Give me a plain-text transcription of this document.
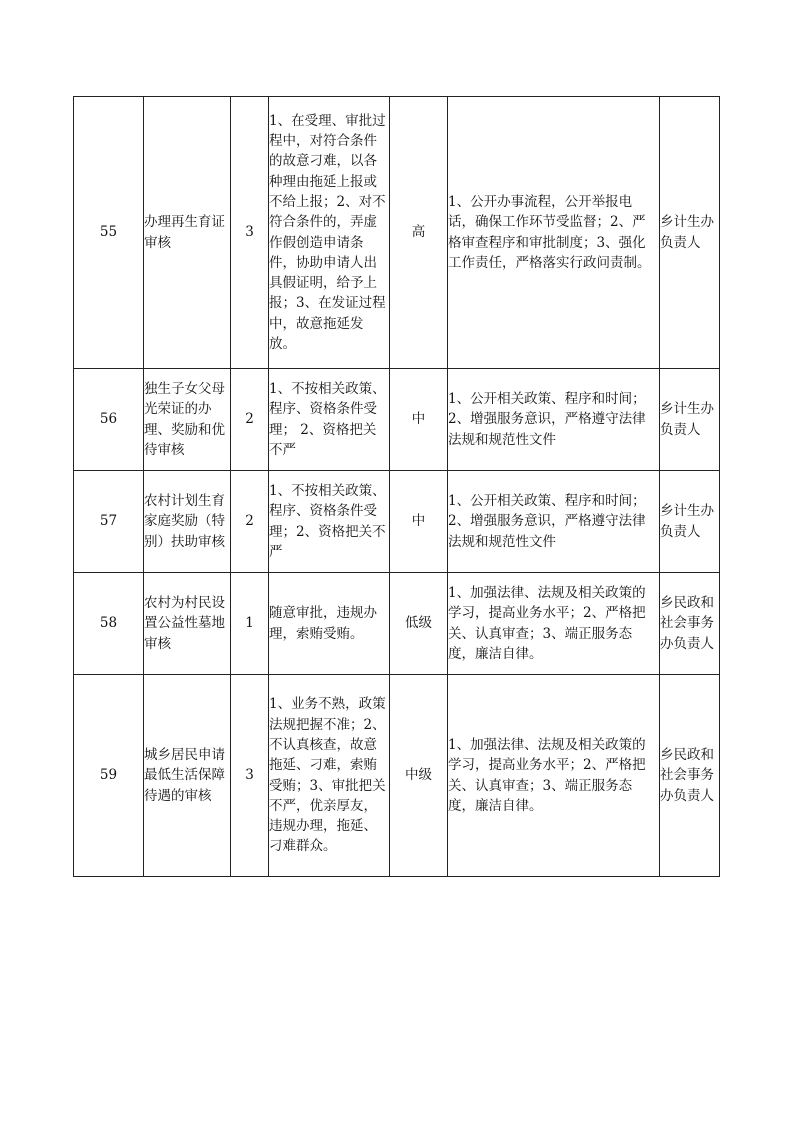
55	办理再生育证审核	3	1、在受理、审批过程中，对符合条件的故意刁难，以各种理由拖延上报或不给上报；2、对不符合条件的，弄虚作假创造申请条件，协助申请人出具假证明，给予上报；3、在发证过程中，故意拖延发放。	高	1、公开办事流程，公开举报电话，确保工作环节受监督；2、严格审查程序和审批制度；3、强化工作责任，严格落实行政问责制。	乡计生办负责人
56	独生子女父母光荣证的办理、奖励和优待审核	2	1、不按相关政策、程序、资格条件受理； 2、资格把关不严	中	1、公开相关政策、程序和时间；2、增强服务意识，严格遵守法律法规和规范性文件	乡计生办负责人
57	农村计划生育家庭奖励（特别）扶助审核	2	1、不按相关政策、程序、资格条件受理；2、资格把关不严	中	1、公开相关政策、程序和时间；2、增强服务意识，严格遵守法律法规和规范性文件	乡计生办负责人
58	农村为村民设置公益性墓地审核	1	随意审批，违规办理，索贿受贿。	低级	1、加强法律、法规及相关政策的学习，提高业务水平；2、严格把关、认真审查；3、端正服务态度，廉洁自律。	乡民政和社会事务办负责人
59	城乡居民申请最低生活保障待遇的审核	3	1、业务不熟，政策法规把握不准；2、不认真核查，故意拖延、刁难，索贿受贿；3、审批把关不严，优亲厚友，违规办理，拖延、刁难群众。	中级	1、加强法律、法规及相关政策的学习，提高业务水平；2、严格把关、认真审查；3、端正服务态度，廉洁自律。	乡民政和社会事务办负责人
